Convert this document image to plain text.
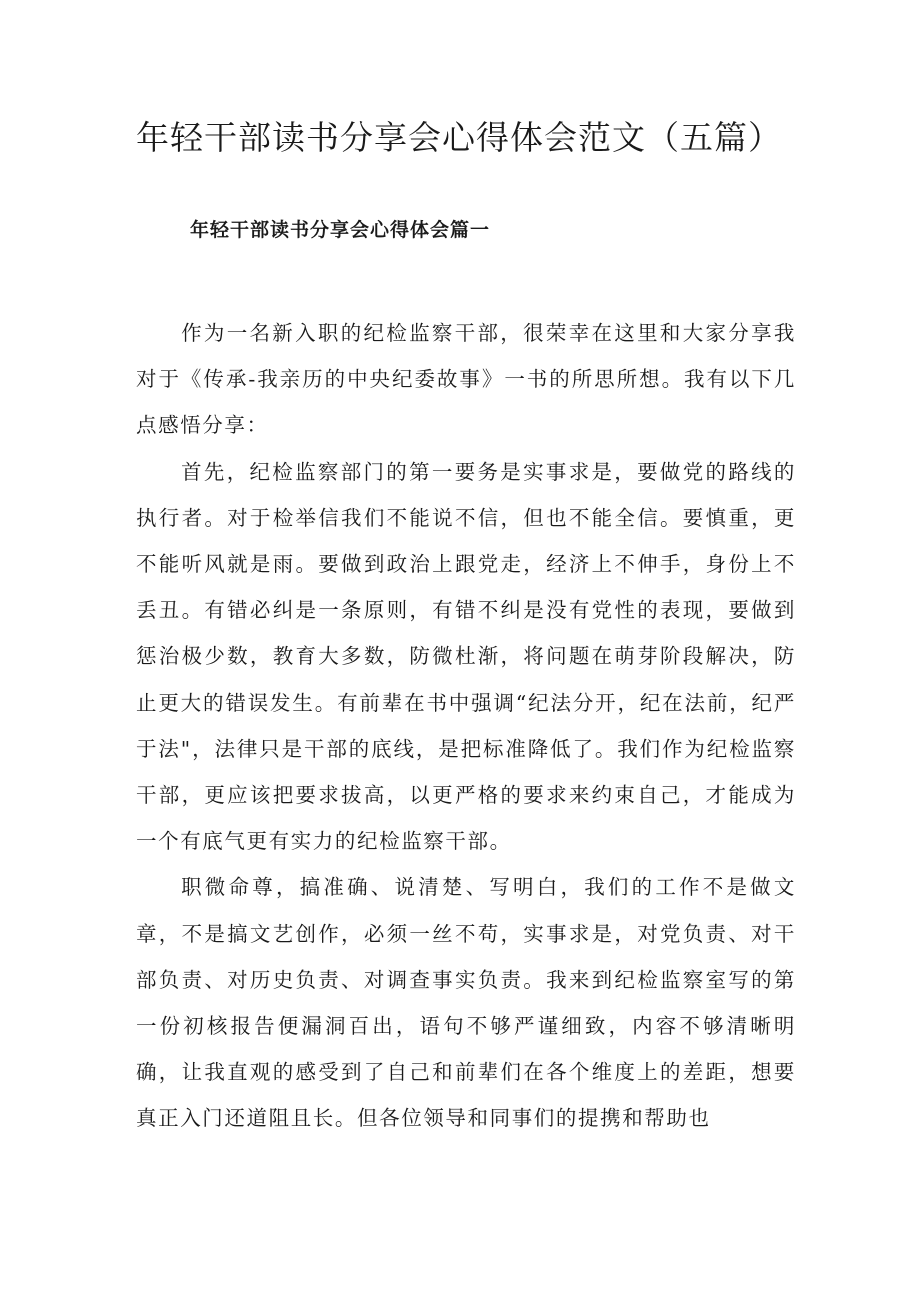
年轻干部读书分享会心得体会范文（五篇）
年轻干部读书分享会心得体会篇一

作为一名新入职的纪检监察干部，很荣幸在这里和大家分享我对于《传承-我亲历的中央纪委故事》一书的所思所想。我有以下几点感悟分享：

首先，纪检监察部门的第一要务是实事求是，要做党的路线的执行者。对于检举信我们不能说不信，但也不能全信。要慎重，更不能听风就是雨。要做到政治上跟党走，经济上不伸手，身份上不丢丑。有错必纠是一条原则，有错不纠是没有党性的表现，要做到惩治极少数，教育大多数，防微杜渐，将问题在萌芽阶段解决，防止更大的错误发生。有前辈在书中强调“纪法分开，纪在法前，纪严于法"，法律只是干部的底线，是把标准降低了。我们作为纪检监察干部，更应该把要求拔高，以更严格的要求来约束自己，才能成为一个有底气更有实力的纪检监察干部。

职微命尊，搞准确、说清楚、写明白，我们的工作不是做文章，不是搞文艺创作，必须一丝不苟，实事求是，对党负责、对干部负责、对历史负责、对调查事实负责。我来到纪检监察室写的第一份初核报告便漏洞百出，语句不够严谨细致，内容不够清晰明确，让我直观的感受到了自己和前辈们在各个维度上的差距，想要真正入门还道阻且长。但各位领导和同事们的提携和帮助也
